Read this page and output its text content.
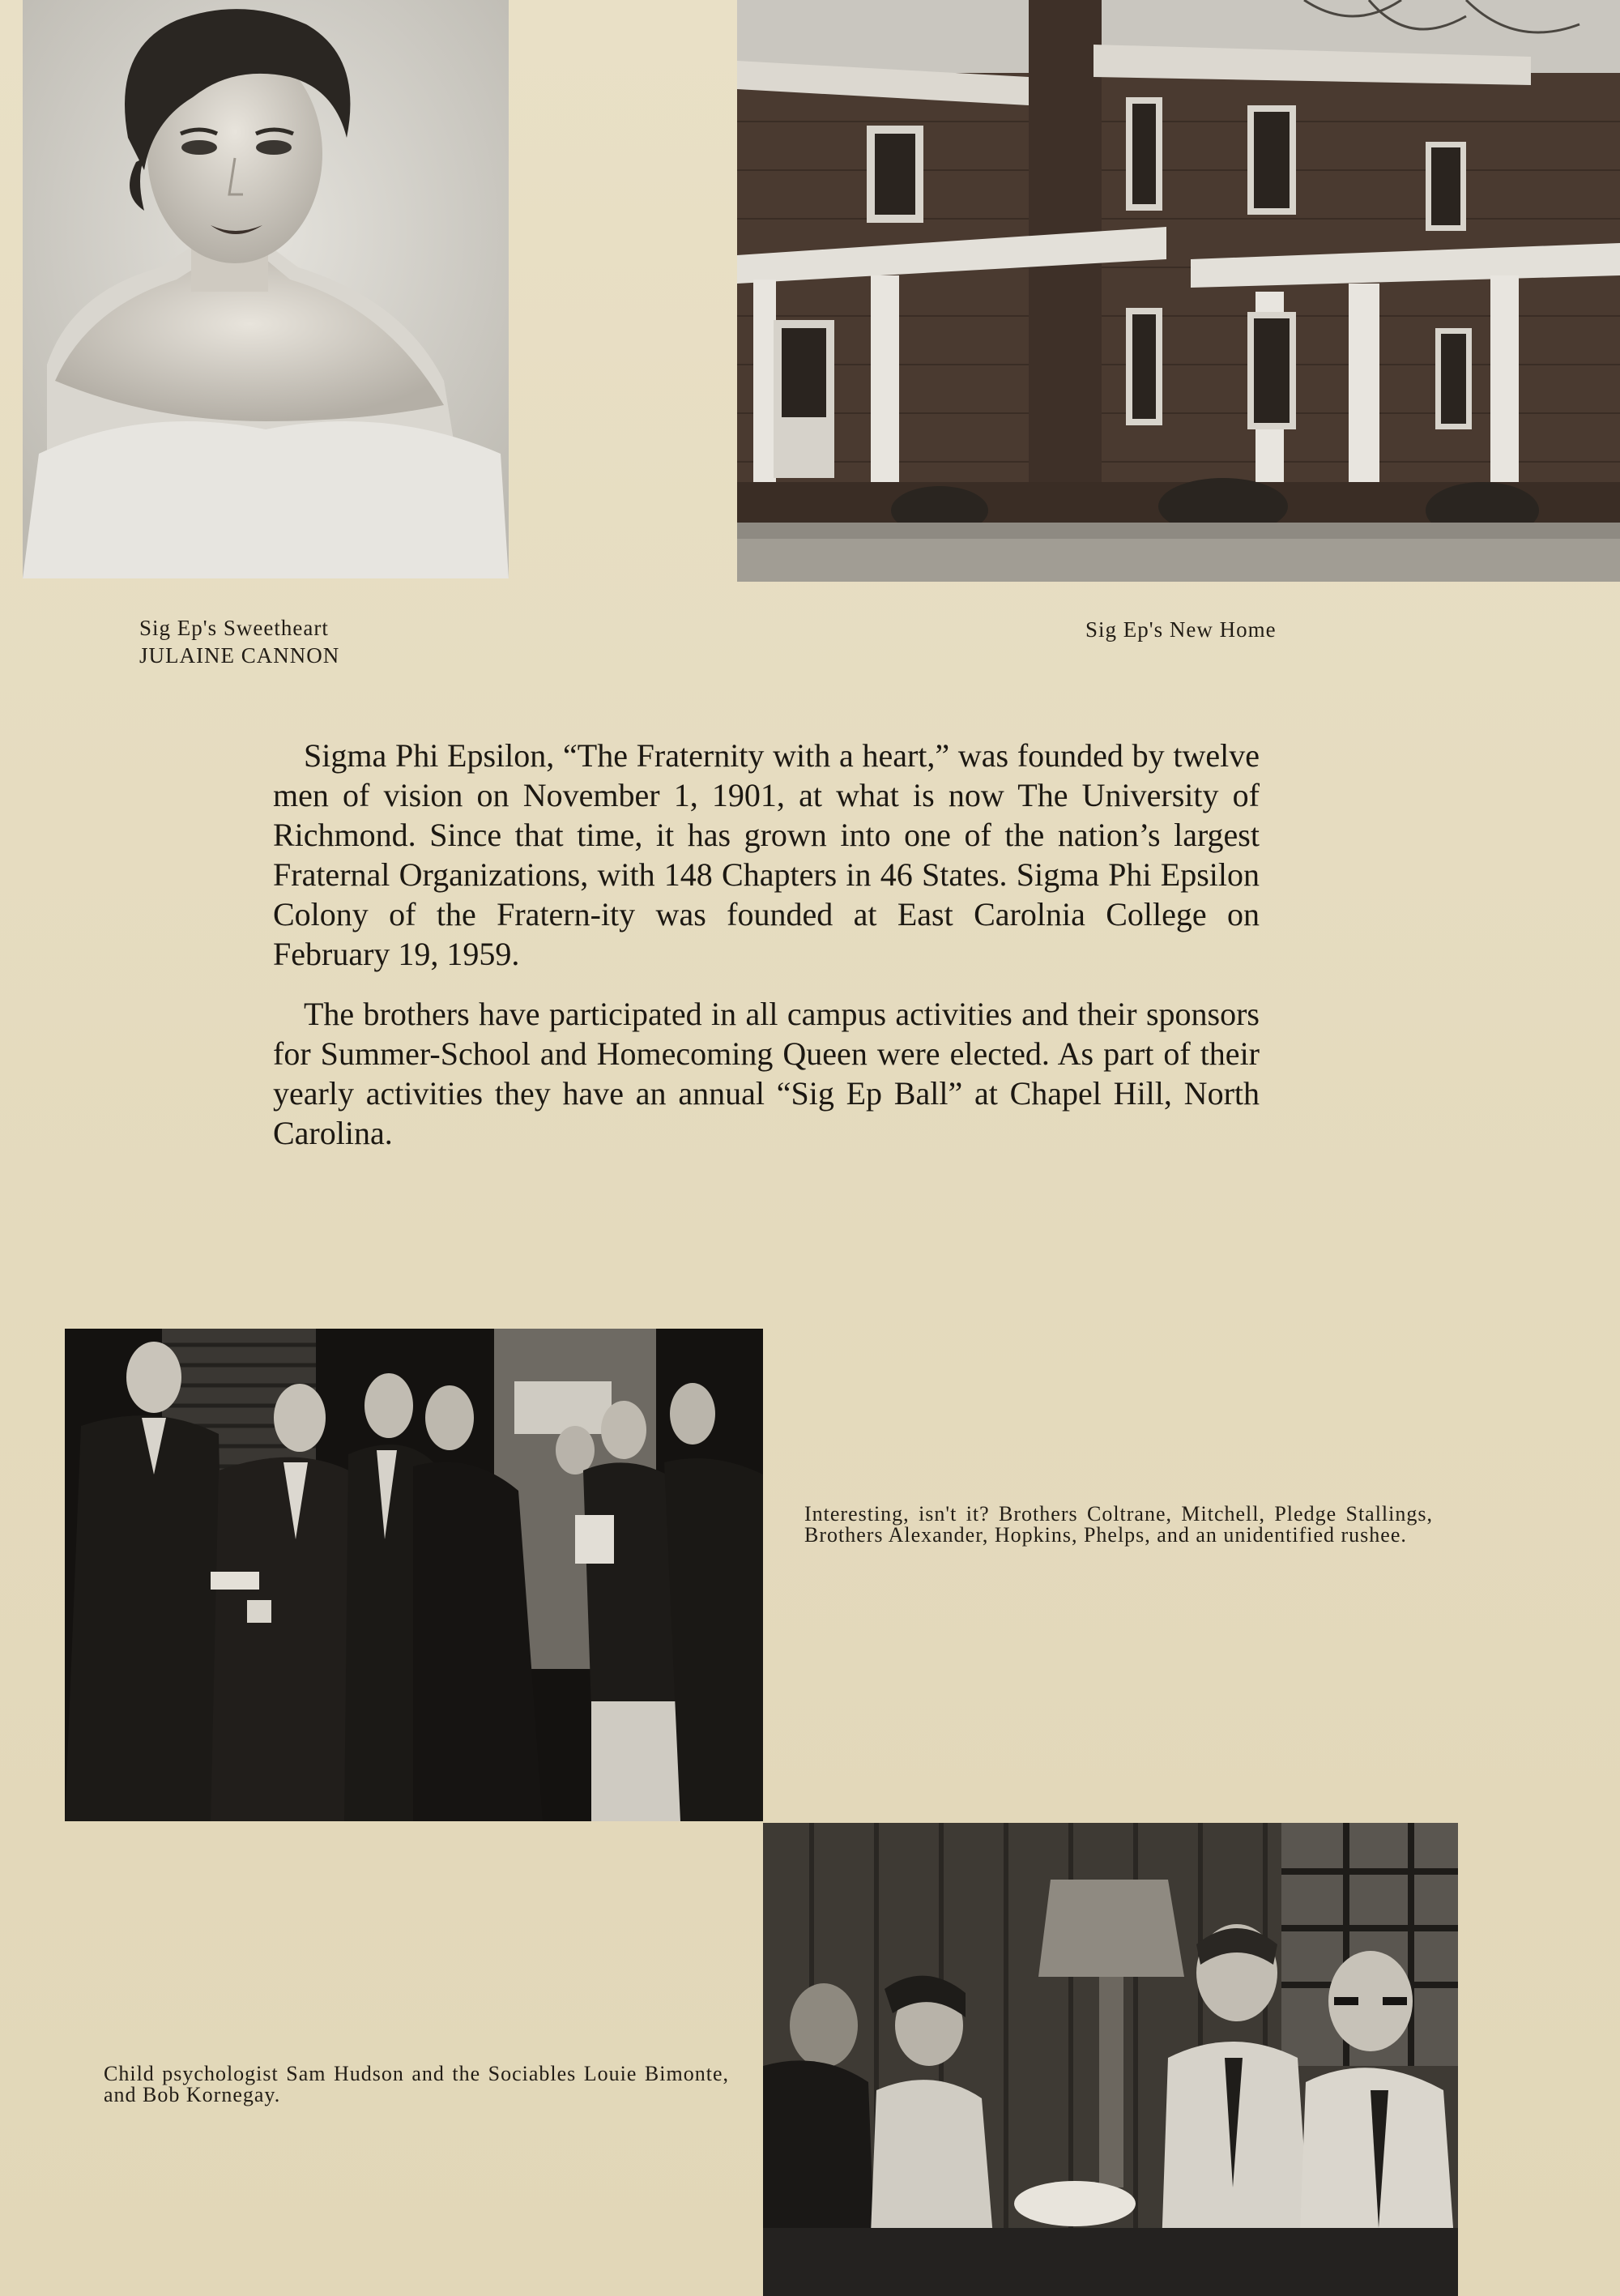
Sig Ep's Sweetheart
JULAINE CANNON
Sig Ep's New Home

Sigma Phi Epsilon, “The Fraternity with a heart,” was founded by twelve men of vision on November 1, 1901, at what is now The University of Richmond. Since that time, it has grown into one of the nation’s largest Fraternal Organizations, with 148 Chapters in 46 States. Sigma Phi Epsilon Colony of the Fratern-ity was founded at East Carolnia College on February 19, 1959.

The brothers have participated in all campus activities and their sponsors for Summer-School and Homecoming Queen were elected. As part of their yearly activities they have an annual “Sig Ep Ball” at Chapel Hill, North Carolina.

Interesting, isn't it? Brothers Coltrane, Mitchell, Pledge Stallings, Brothers Alexander, Hopkins, Phelps, and an unidentified rushee.
Child psychologist Sam Hudson and the Sociables Louie Bimonte, and Bob Kornegay.
